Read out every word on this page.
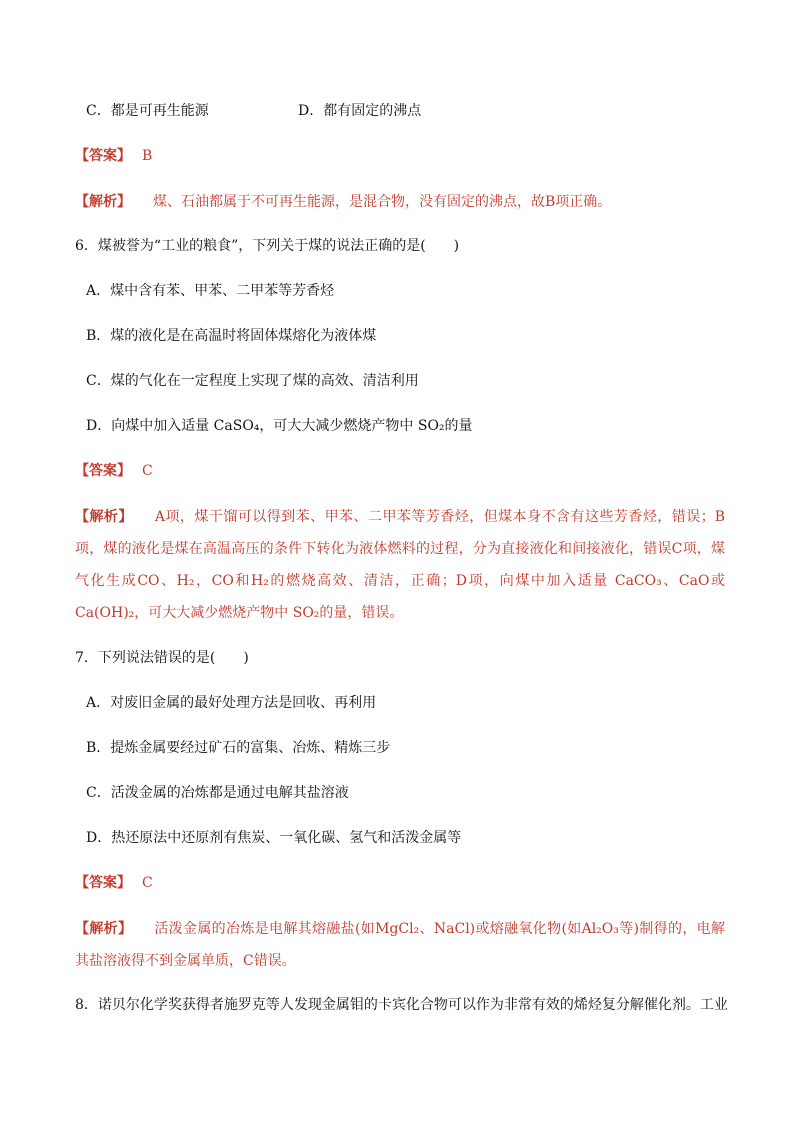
C．都是可再生能源	D．都有固定的沸点
【答案】 B
【解析】 煤、石油都属于不可再生能源，是混合物，没有固定的沸点，故B项正确。
6．煤被誉为“工业的粮食”，下列关于煤的说法正确的是(　　)
A．煤中含有苯、甲苯、二甲苯等芳香烃
B．煤的液化是在高温时将固体煤熔化为液体煤
C．煤的气化在一定程度上实现了煤的高效、清洁利用
D．向煤中加入适量 CaSO₄，可大大减少燃烧产物中 SO₂的量
【答案】 C
【解析】 A项，煤干馏可以得到苯、甲苯、二甲苯等芳香烃，但煤本身不含有这些芳香烃，错误；B项，煤的液化是煤在高温高压的条件下转化为液体燃料的过程，分为直接液化和间接液化，错误C项，煤气化生成CO、H₂，CO和H₂的燃烧高效、清洁，正确；D项，向煤中加入适量 CaCO₃、CaO或Ca(OH)₂，可大大减少燃烧产物中 SO₂的量，错误。
7．下列说法错误的是(　　)
A．对废旧金属的最好处理方法是回收、再利用
B．提炼金属要经过矿石的富集、冶炼、精炼三步
C．活泼金属的冶炼都是通过电解其盐溶液
D．热还原法中还原剂有焦炭、一氧化碳、氢气和活泼金属等
【答案】 C
【解析】 活泼金属的冶炼是电解其熔融盐(如MgCl₂、NaCl)或熔融氧化物(如Al₂O₃等)制得的，电解其盐溶液得不到金属单质，C错误。
8．诺贝尔化学奖获得者施罗克等人发现金属钼的卡宾化合物可以作为非常有效的烯烃复分解催化剂。工业
